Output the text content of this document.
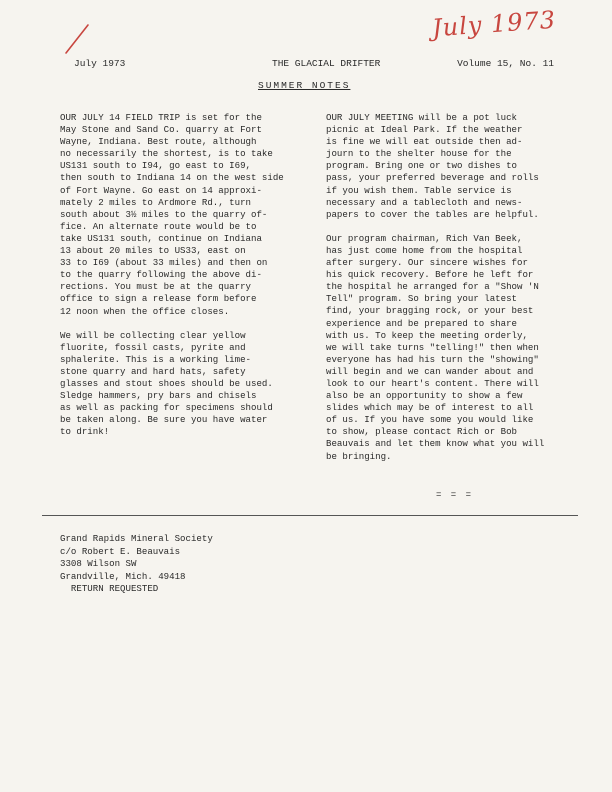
July 1973
July 1973	THE GLACIAL DRIFTER	Volume 15, No. 11
SUMMER NOTES

OUR JULY 14 FIELD TRIP is set for the
May Stone and Sand Co. quarry at Fort
Wayne, Indiana. Best route, although
no necessarily the shortest, is to take
US131 south to I94, go east to I69,
then south to Indiana 14 on the west side
of Fort Wayne. Go east on 14 approxi-
mately 2 miles to Ardmore Rd., turn
south about 3½ miles to the quarry of-
fice. An alternate route would be to
take US131 south, continue on Indiana
13 about 20 miles to US33, east on
33 to I69 (about 33 miles) and then on
to the quarry following the above di-
rections. You must be at the quarry
office to sign a release form before
12 noon when the office closes.

We will be collecting clear yellow
fluorite, fossil casts, pyrite and
sphalerite. This is a working lime-
stone quarry and hard hats, safety
glasses and stout shoes should be used.
Sledge hammers, pry bars and chisels
as well as packing for specimens should
be taken along. Be sure you have water
to drink!

OUR JULY MEETING will be a pot luck
picnic at Ideal Park. If the weather
is fine we will eat outside then ad-
journ to the shelter house for the
program. Bring one or two dishes to
pass, your preferred beverage and rolls
if you wish them. Table service is
necessary and a tablecloth and news-
papers to cover the tables are helpful.

Our program chairman, Rich Van Beek,
has just come home from the hospital
after surgery. Our sincere wishes for
his quick recovery. Before he left for
the hospital he arranged for a "Show 'N
Tell" program. So bring your latest
find, your bragging rock, or your best
experience and be prepared to share
with us. To keep the meeting orderly,
we will take turns "telling!" then when
everyone has had his turn the "showing"
will begin and we can wander about and
look to our heart's content. There will
also be an opportunity to show a few
slides which may be of interest to all
of us. If you have some you would like
to show, please contact Rich or Bob
Beauvais and let them know what you will
be bringing.

= = =
Grand Rapids Mineral Society
c/o Robert E. Beauvais
3308 Wilson SW
Grandville, Mich. 49418
RETURN REQUESTED
